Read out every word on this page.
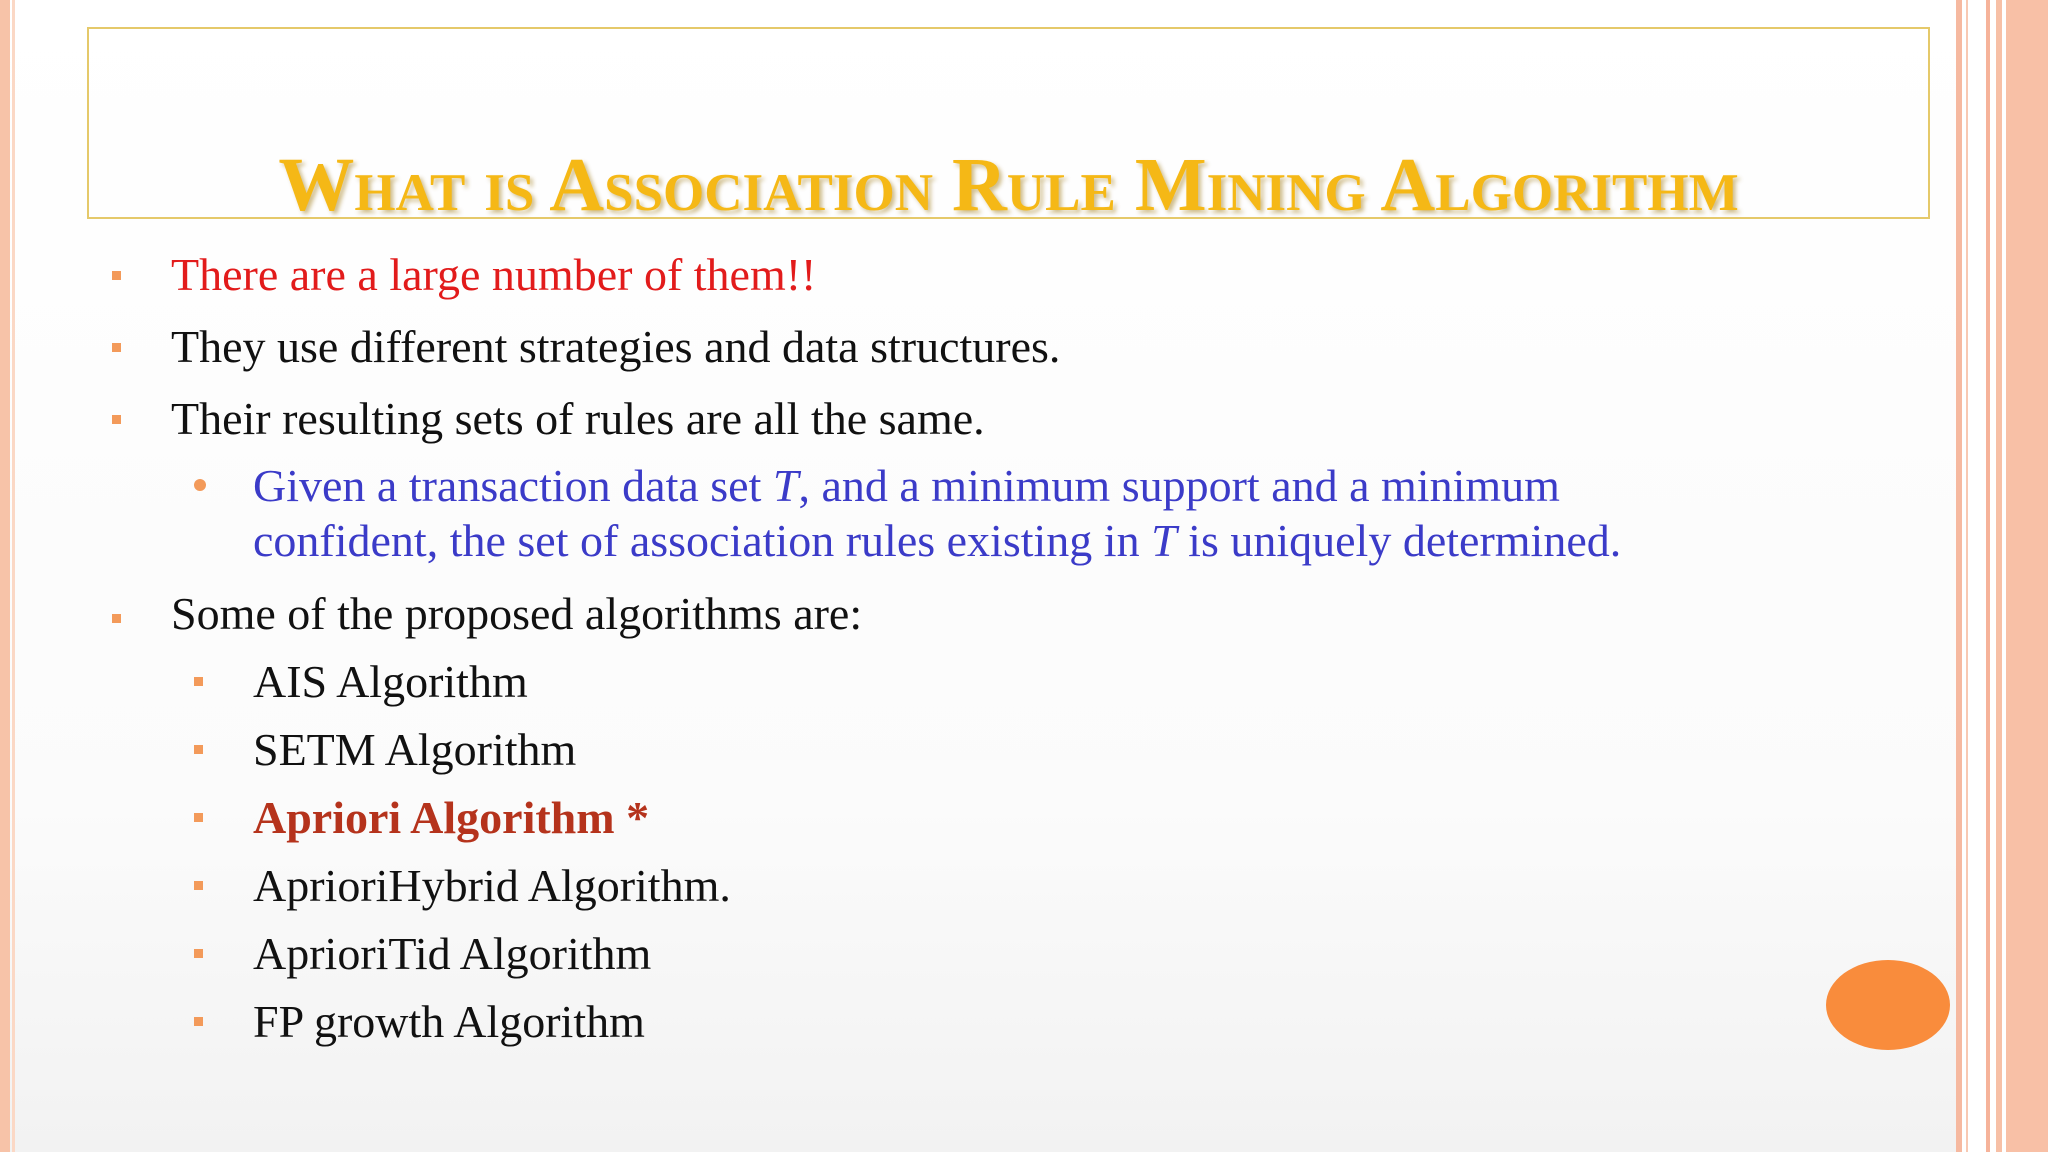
What is Association Rule Mining Algorithm
There are a large number of them!!
They use different strategies and data structures.
Their resulting sets of rules are all the same.
Given a transaction data set T, and a minimum support and a minimum
confident, the set of association rules existing in T is uniquely determined.
Some of the proposed algorithms are:
AIS Algorithm
SETM Algorithm
Apriori Algorithm *
AprioriHybrid Algorithm.
AprioriTid Algorithm
FP growth Algorithm
